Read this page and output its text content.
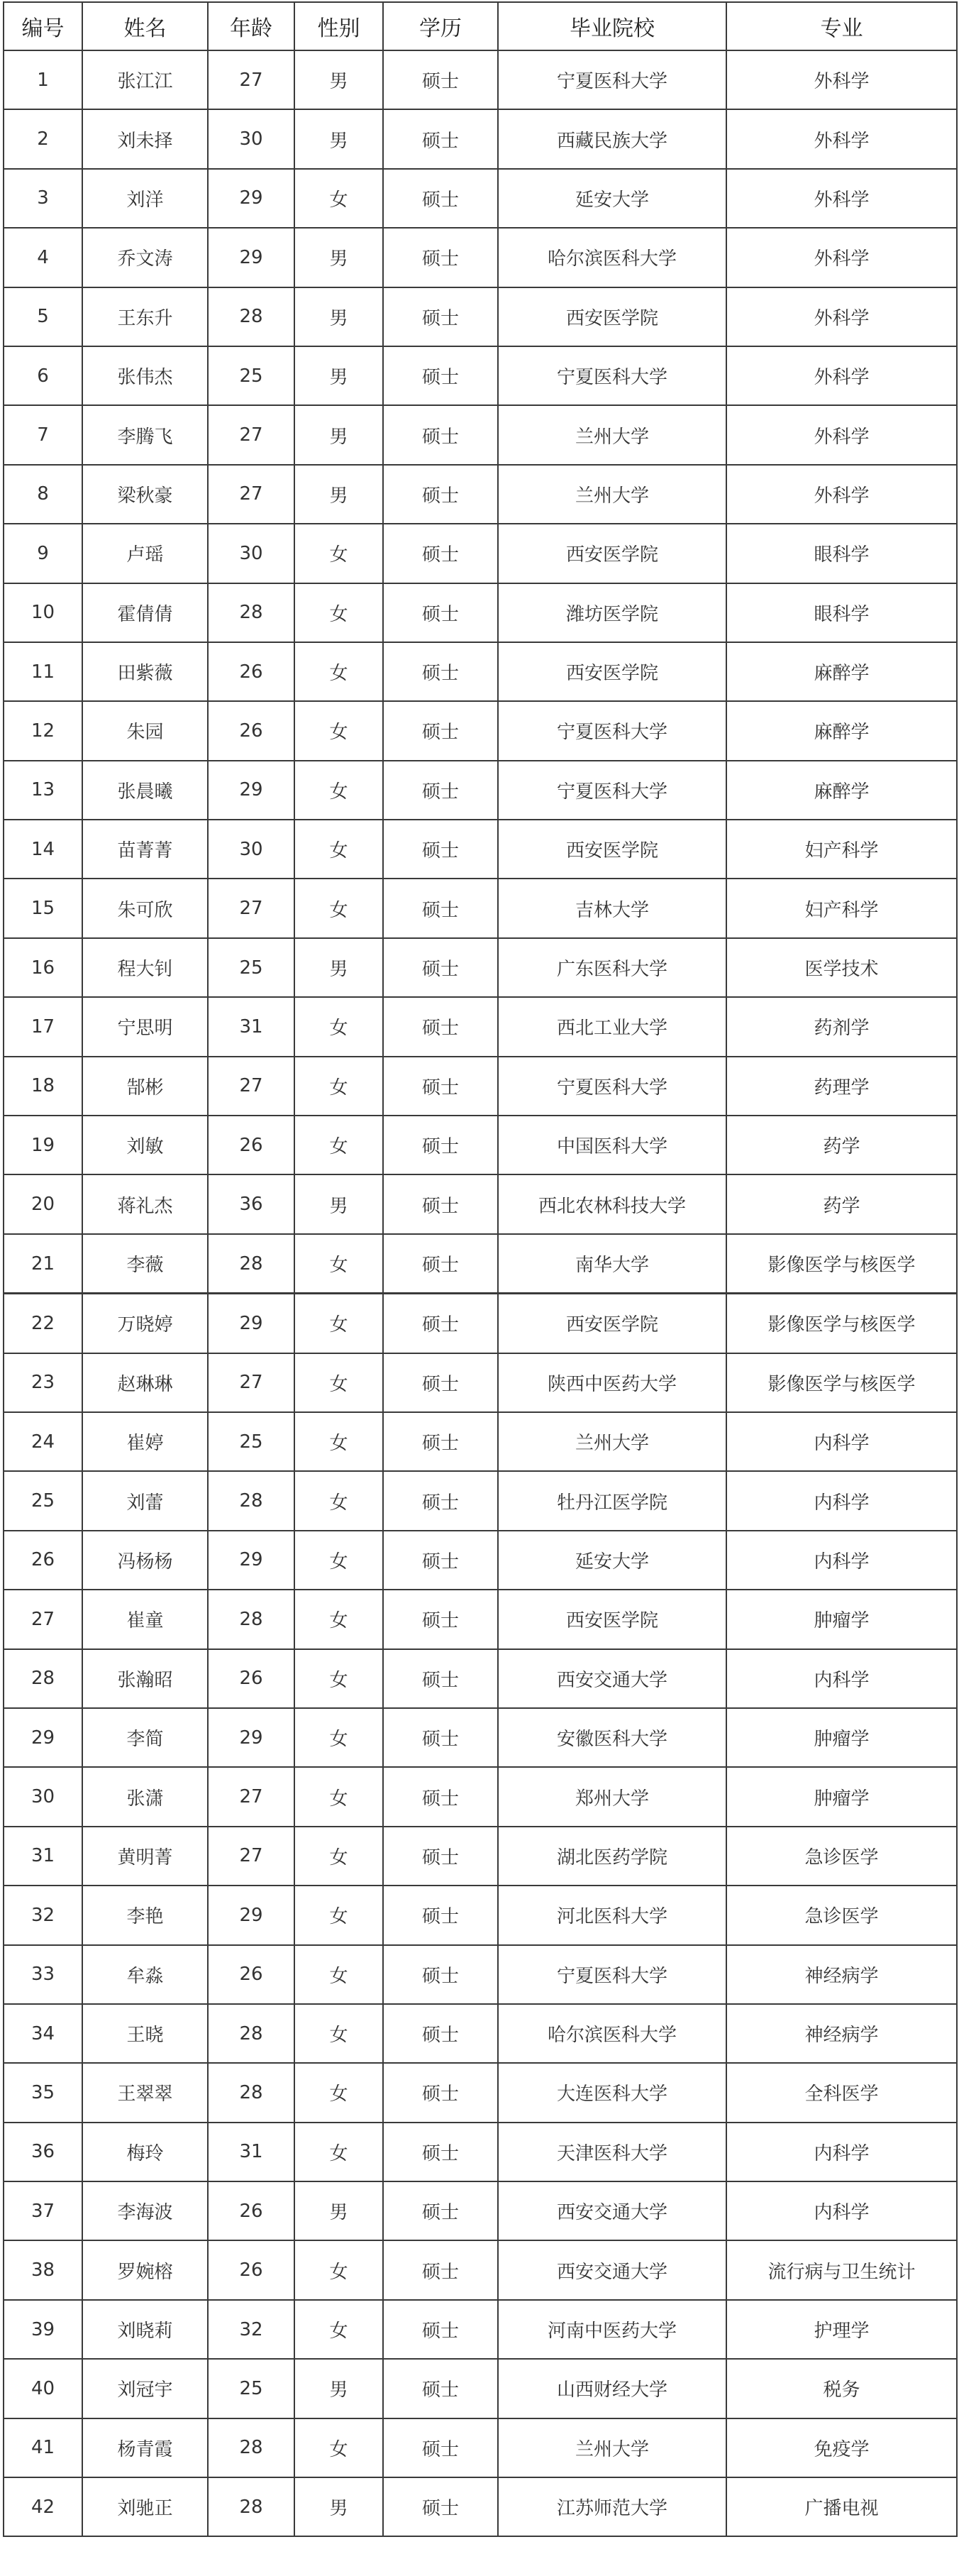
编号	姓名	年龄	性别	学历	毕业院校	专业
1	张江江	27	男	硕士	宁夏医科大学	外科学
2	刘未择	30	男	硕士	西藏民族大学	外科学
3	刘洋	29	女	硕士	延安大学	外科学
4	乔文涛	29	男	硕士	哈尔滨医科大学	外科学
5	王东升	28	男	硕士	西安医学院	外科学
6	张伟杰	25	男	硕士	宁夏医科大学	外科学
7	李腾飞	27	男	硕士	兰州大学	外科学
8	梁秋豪	27	男	硕士	兰州大学	外科学
9	卢瑶	30	女	硕士	西安医学院	眼科学
10	霍倩倩	28	女	硕士	潍坊医学院	眼科学
11	田紫薇	26	女	硕士	西安医学院	麻醉学
12	朱园	26	女	硕士	宁夏医科大学	麻醉学
13	张晨曦	29	女	硕士	宁夏医科大学	麻醉学
14	苗菁菁	30	女	硕士	西安医学院	妇产科学
15	朱可欣	27	女	硕士	吉林大学	妇产科学
16	程大钊	25	男	硕士	广东医科大学	医学技术
17	宁思明	31	女	硕士	西北工业大学	药剂学
18	郜彬	27	女	硕士	宁夏医科大学	药理学
19	刘敏	26	女	硕士	中国医科大学	药学
20	蒋礼杰	36	男	硕士	西北农林科技大学	药学
21	李薇	28	女	硕士	南华大学	影像医学与核医学
22	万晓婷	29	女	硕士	西安医学院	影像医学与核医学
23	赵琳琳	27	女	硕士	陕西中医药大学	影像医学与核医学
24	崔婷	25	女	硕士	兰州大学	内科学
25	刘蕾	28	女	硕士	牡丹江医学院	内科学
26	冯杨杨	29	女	硕士	延安大学	内科学
27	崔童	28	女	硕士	西安医学院	肿瘤学
28	张瀚昭	26	女	硕士	西安交通大学	内科学
29	李简	29	女	硕士	安徽医科大学	肿瘤学
30	张潇	27	女	硕士	郑州大学	肿瘤学
31	黄明菁	27	女	硕士	湖北医药学院	急诊医学
32	李艳	29	女	硕士	河北医科大学	急诊医学
33	牟淼	26	女	硕士	宁夏医科大学	神经病学
34	王晓	28	女	硕士	哈尔滨医科大学	神经病学
35	王翠翠	28	女	硕士	大连医科大学	全科医学
36	梅玲	31	女	硕士	天津医科大学	内科学
37	李海波	26	男	硕士	西安交通大学	内科学
38	罗婉榕	26	女	硕士	西安交通大学	流行病与卫生统计
39	刘晓莉	32	女	硕士	河南中医药大学	护理学
40	刘冠宇	25	男	硕士	山西财经大学	税务
41	杨青霞	28	女	硕士	兰州大学	免疫学
42	刘驰正	28	男	硕士	江苏师范大学	广播电视
